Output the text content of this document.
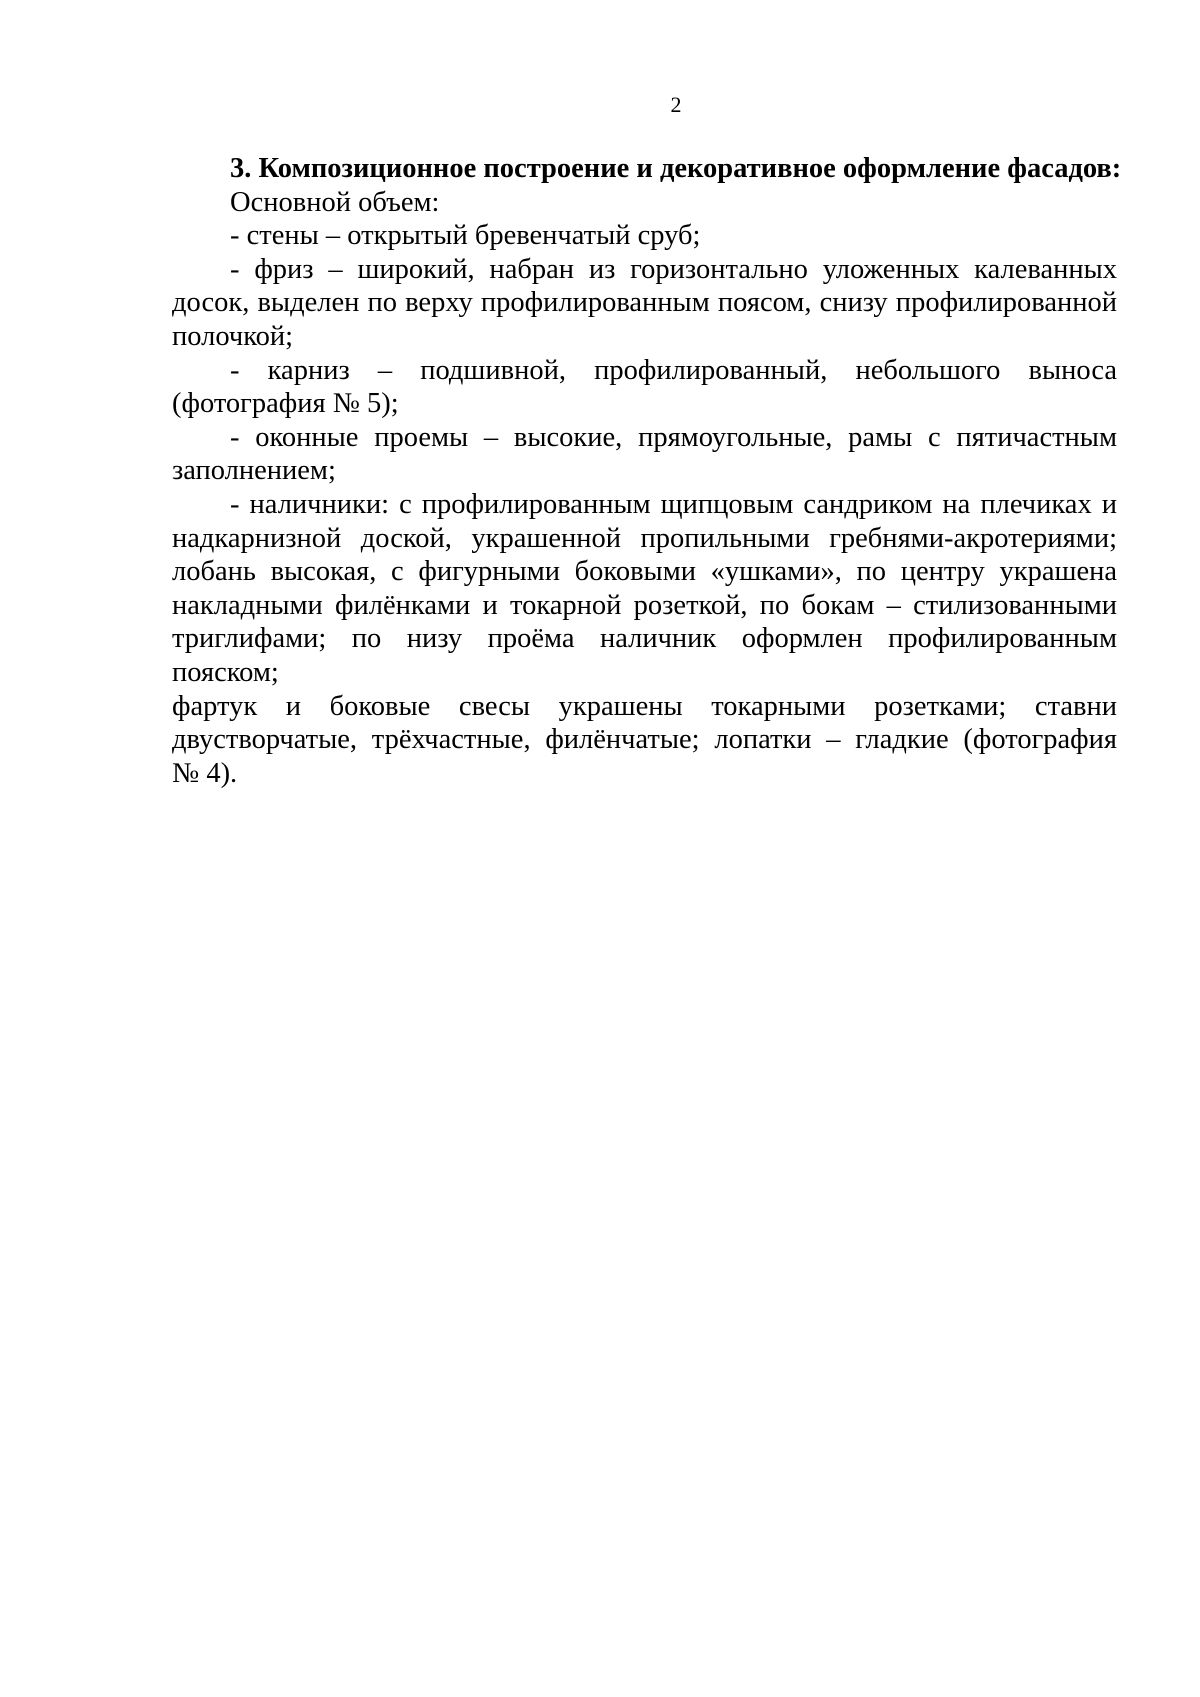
2
3. Композиционное построение и декоративное оформление фасадов:
Основной объем:
- стены – открытый бревенчатый сруб;
- фриз – широкий, набран из горизонтально уложенных калеванных
досок, выделен по верху профилированным поясом, снизу профилированной
полочкой;
- карниз – подшивной, профилированный, небольшого выноса
(фотография № 5);
- оконные проемы – высокие, прямоугольные, рамы с пятичастным
заполнением;
- наличники: с профилированным щипцовым сандриком на плечиках и
надкарнизной доской, украшенной пропильными гребнями-акротериями;
лобань высокая, с фигурными боковыми «ушками», по центру украшена
накладными филёнками и токарной розеткой, по бокам – стилизованными
триглифами; по низу проёма наличник оформлен профилированным пояском;
фартук и боковые свесы украшены токарными розетками; ставни
двустворчатые, трёхчастные, филёнчатые; лопатки – гладкие (фотография
№ 4).
